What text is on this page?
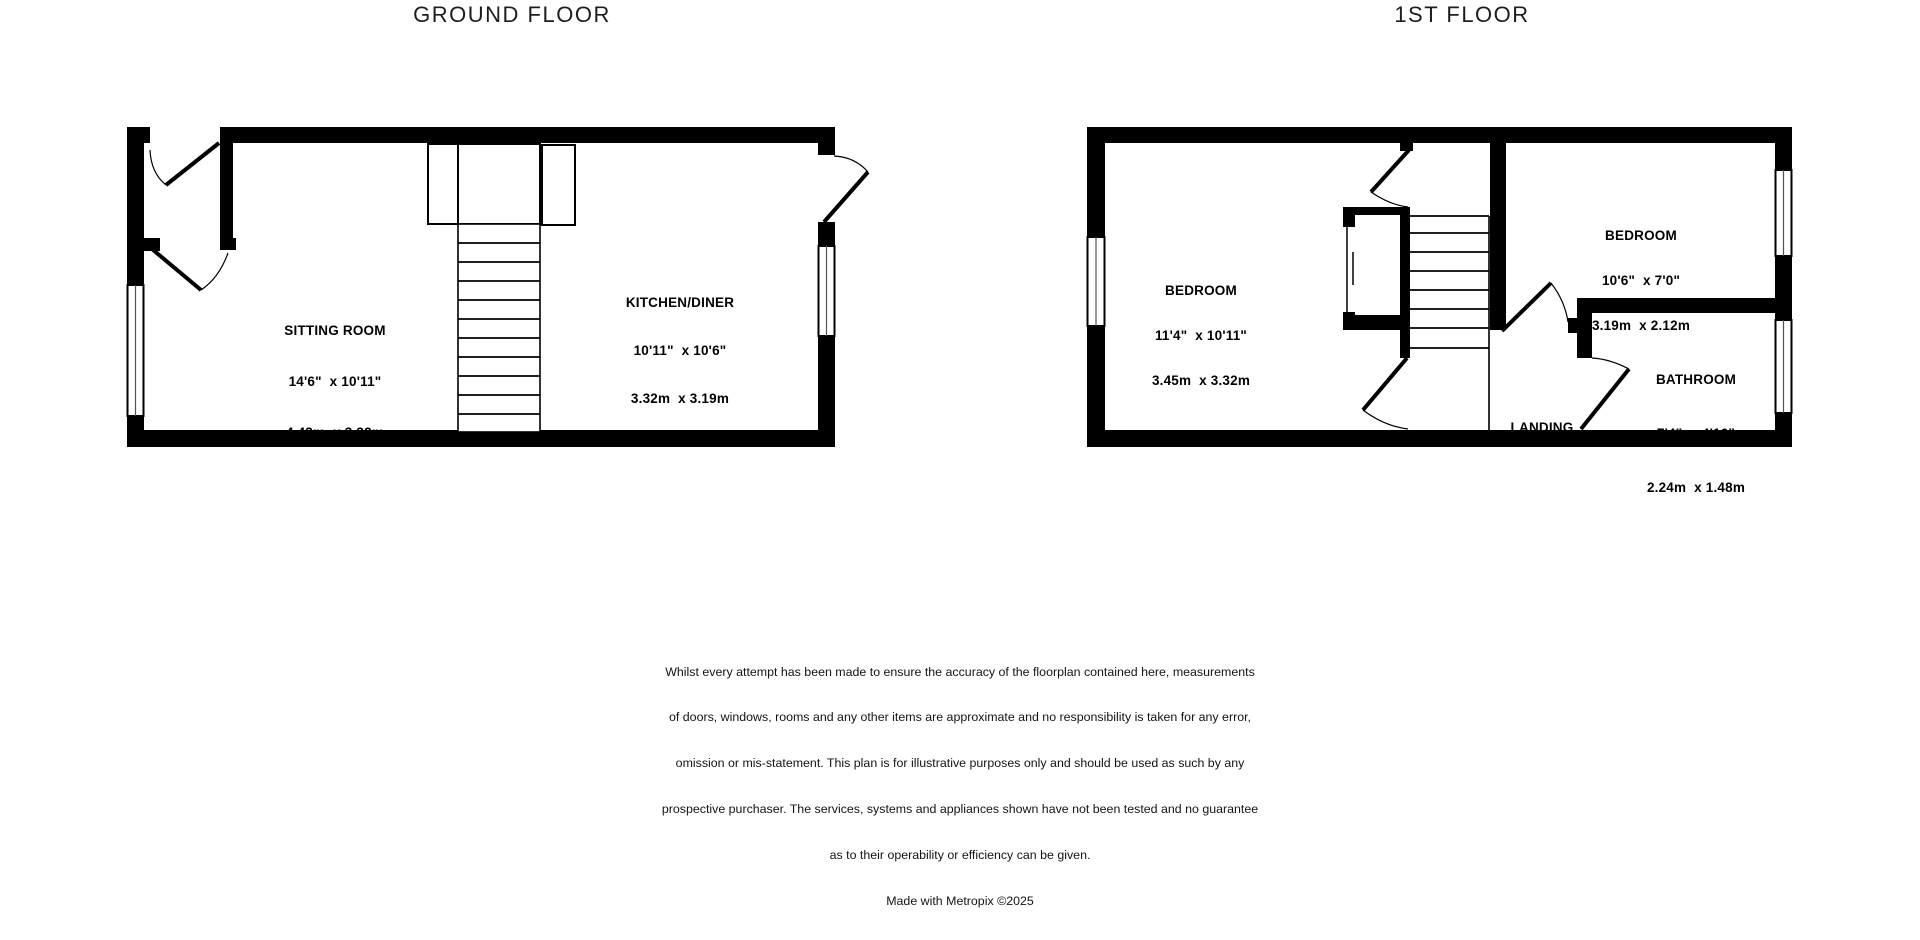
GROUND FLOOR	1ST FLOOR

SITTING ROOM

14'6"  x 10'11"

4.43m  x 3.32m

KITCHEN/DINER

10'11"  x 10'6"

3.32m  x 3.19m

BEDROOM

11'4"  x 10'11"

3.45m  x 3.32m

BEDROOM

10'6"  x 7'0"

3.19m  x 2.12m

BATHROOM

7'4"  x 4'10"

2.24m  x 1.48m

LANDING

Whilst every attempt has been made to ensure the accuracy of the floorplan contained here, measurements

of doors, windows, rooms and any other items are approximate and no responsibility is taken for any error,

omission or mis-statement. This plan is for illustrative purposes only and should be used as such by any

prospective purchaser. The services, systems and appliances shown have not been tested and no guarantee

as to their operability or efficiency can be given.

Made with Metropix ©2025
